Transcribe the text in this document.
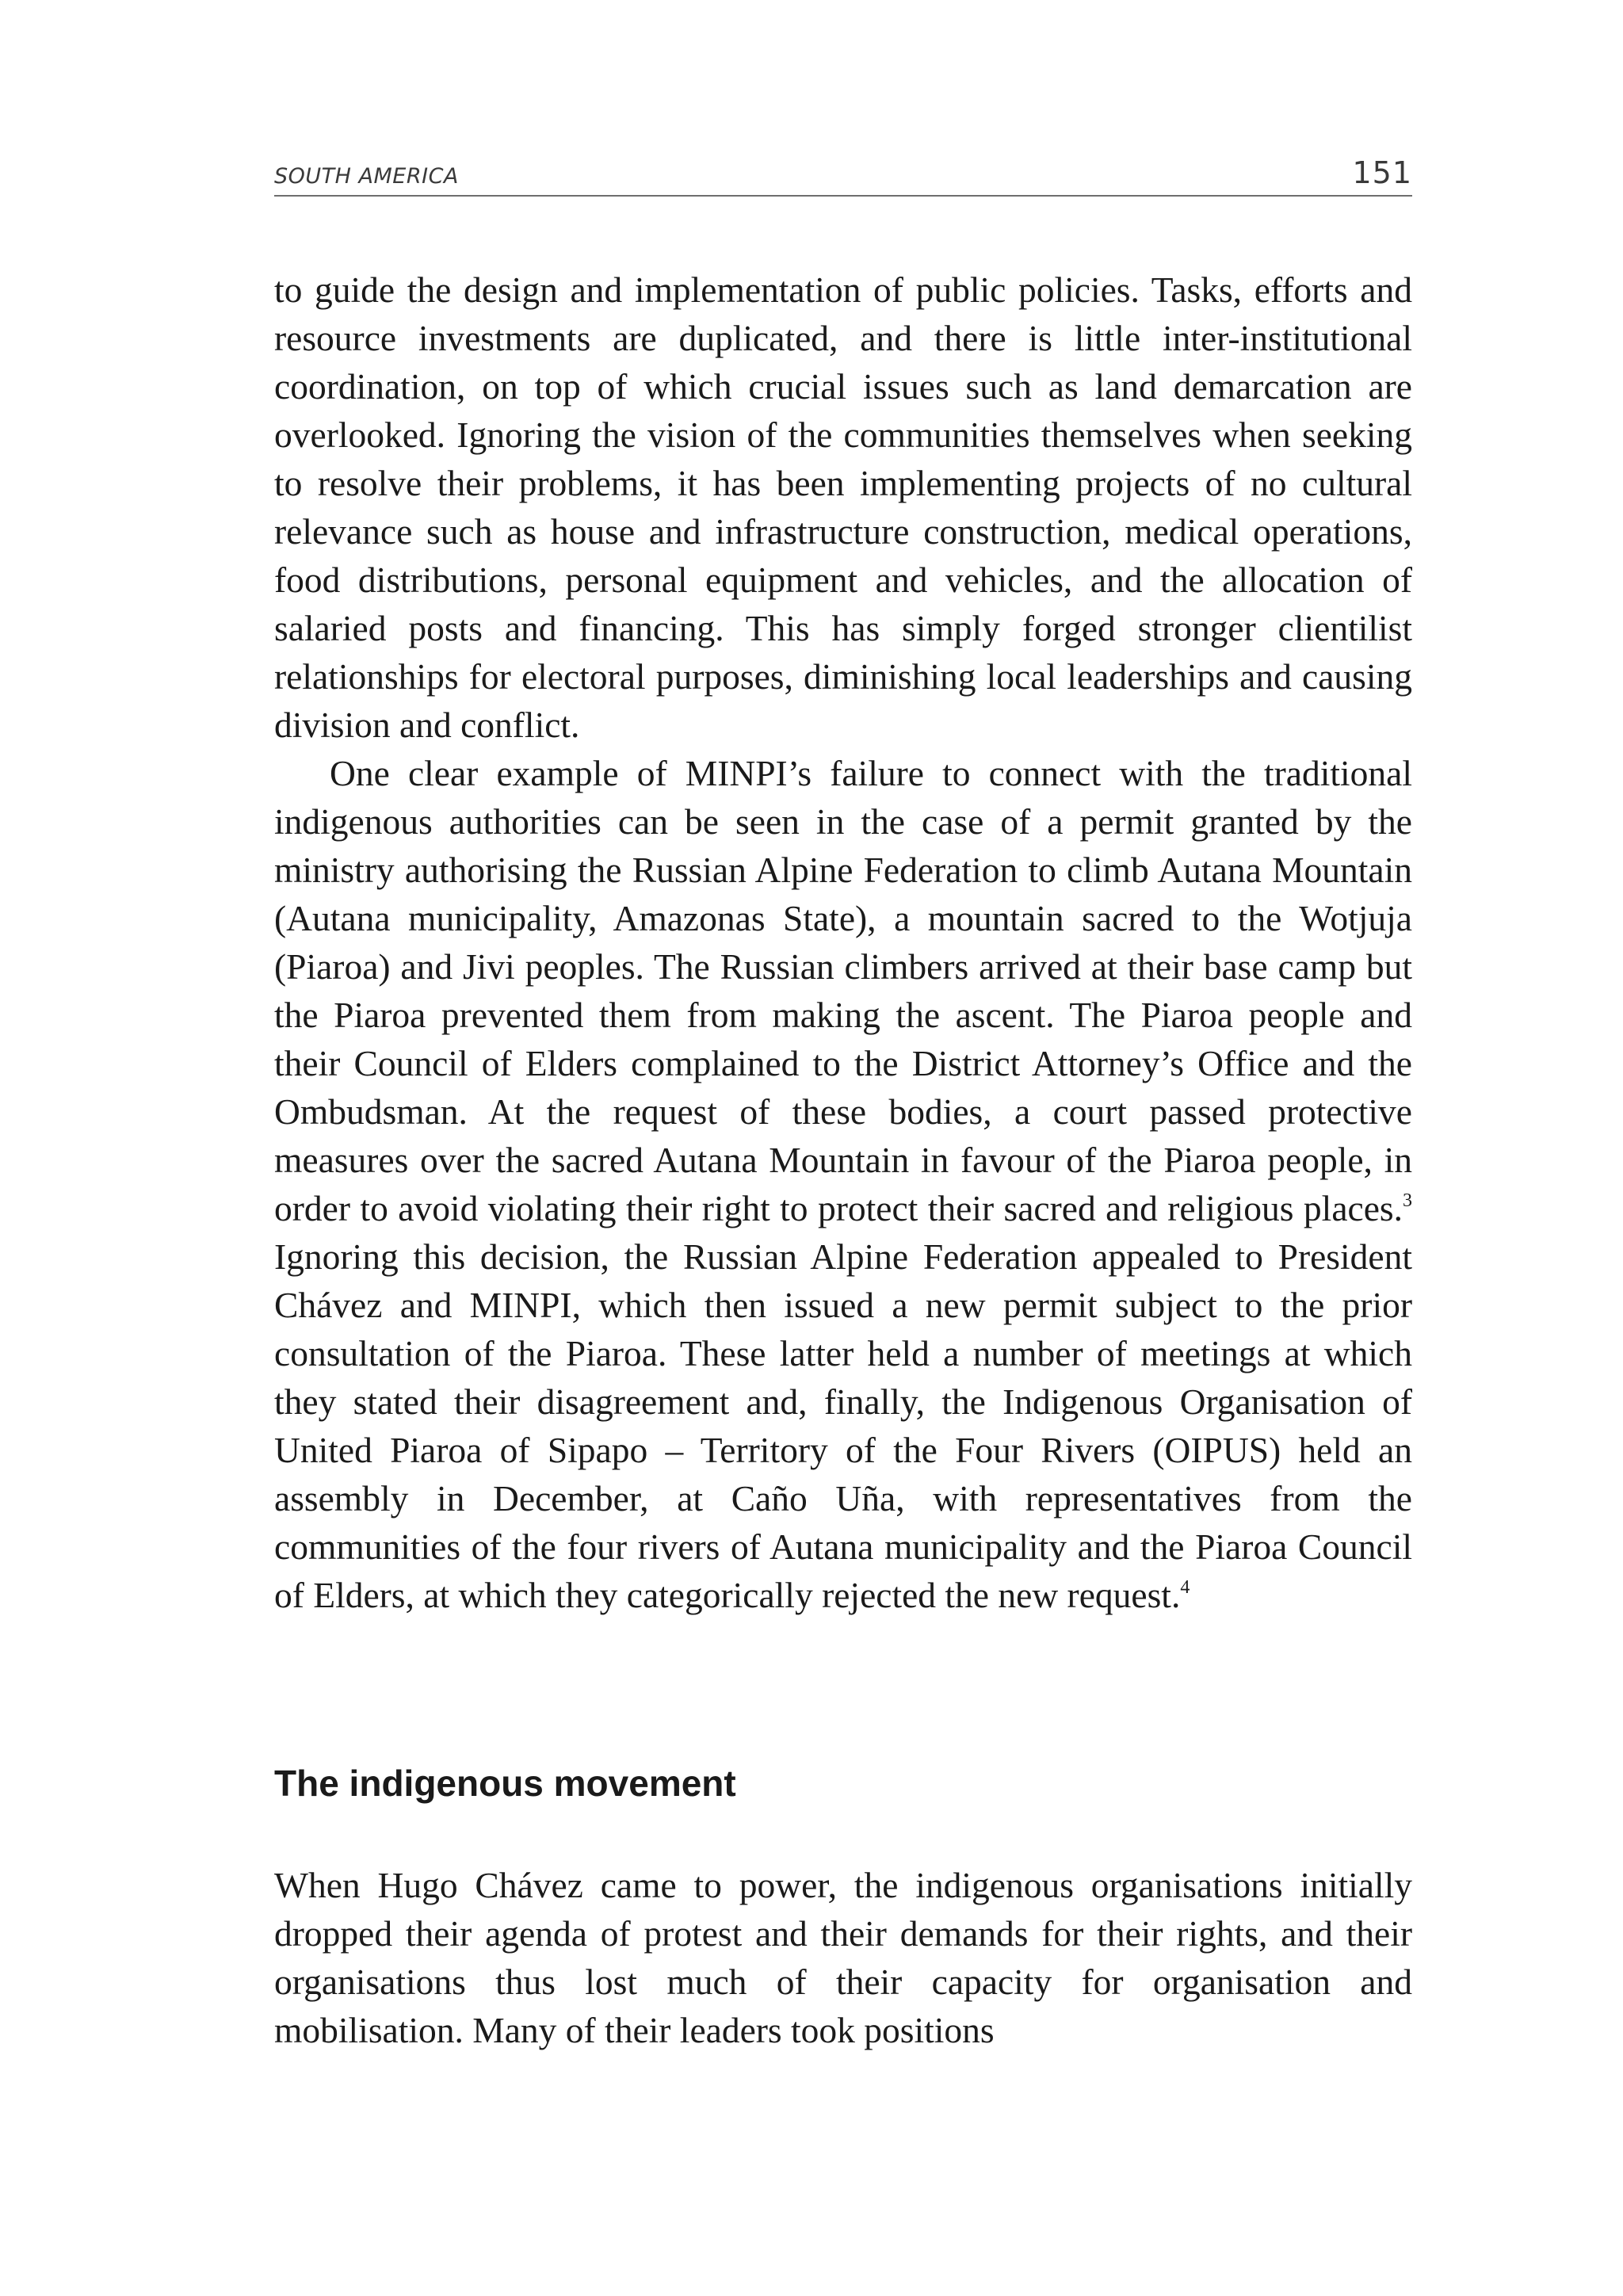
SOUTH AMERICA	151

to guide the design and implementation of public policies. Tasks, efforts and resource investments are duplicated, and there is little inter-institutional coordination, on top of which crucial issues such as land demarcation are overlooked. Ignoring the vision of the communities themselves when seeking to resolve their problems, it has been implementing projects of no cultural relevance such as house and infrastructure construction, medical operations, food distributions, personal equipment and vehicles, and the allocation of salaried posts and financing. This has simply forged stronger clientilist relationships for electoral purposes, diminishing local leaderships and causing division and conflict.

One clear example of MINPI’s failure to connect with the traditional indigenous authorities can be seen in the case of a permit granted by the ministry authorising the Russian Alpine Federation to climb Autana Mountain (Autana municipality, Amazonas State), a mountain sacred to the Wotjuja (Piaroa) and Jivi peoples. The Russian climbers arrived at their base camp but the Piaroa prevented them from making the ascent. The Piaroa people and their Council of Elders complained to the District Attorney’s Office and the Ombudsman. At the request of these bodies, a court passed protective measures over the sacred Autana Mountain in favour of the Piaroa people, in order to avoid violating their right to protect their sacred and religious places.$^3$ Ignoring this decision, the Russian Alpine Federation appealed to President Chávez and MINPI, which then issued a new permit subject to the prior consultation of the Piaroa. These latter held a number of meetings at which they stated their disagreement and, finally, the Indigenous Organisation of United Piaroa of Sipapo – Territory of the Four Rivers (OIPUS) held an assembly in December, at Caño Uña, with representatives from the communities of the four rivers of Autana municipality and the Piaroa Council of Elders, at which they categorically rejected the new request.$^4$

The indigenous movement

When Hugo Chávez came to power, the indigenous organisations initially dropped their agenda of protest and their demands for their rights, and their organisations thus lost much of their capacity for organisation and mobilisation. Many of their leaders took positions
